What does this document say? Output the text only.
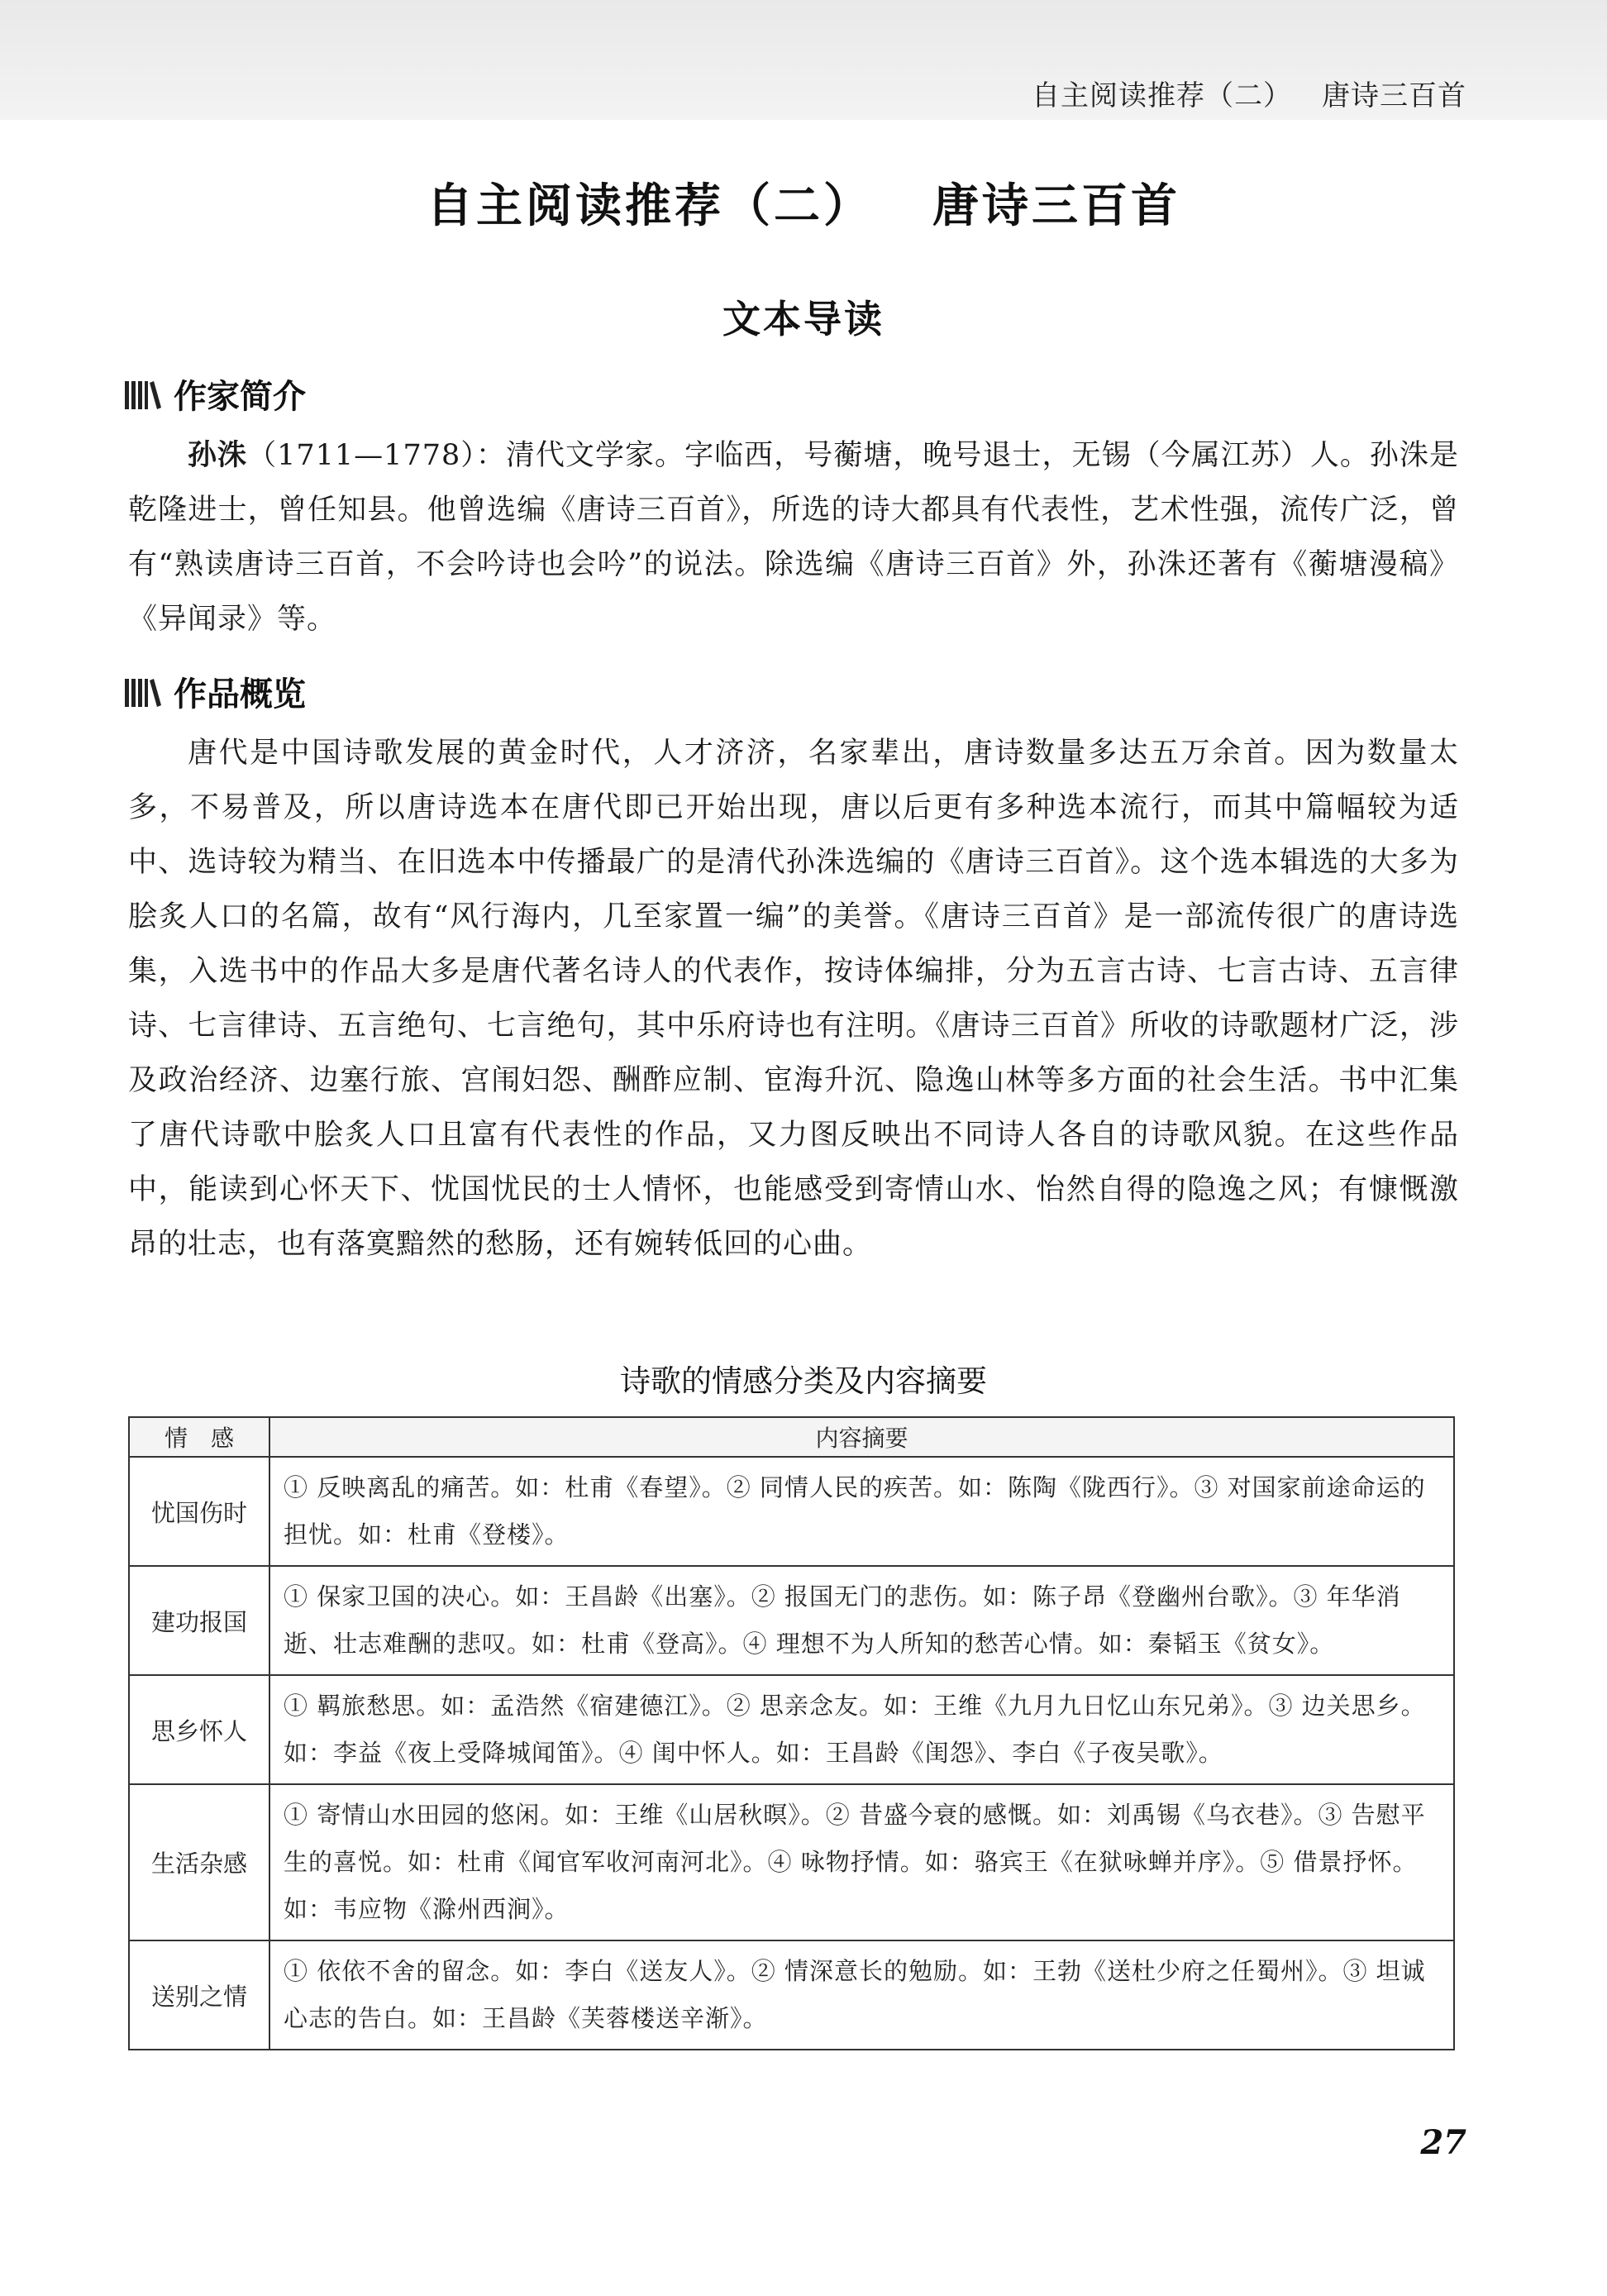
自主阅读推荐（二） 唐诗三百首
自主阅读推荐（二） 唐诗三百首
文本导读
作家简介

孙洙（1711—1778）：清代文学家。字临西，号蘅塘，晚号退士，无锡（今属江苏）人。孙洙是乾隆进士，曾任知县。他曾选编《唐诗三百首》，所选的诗大都具有代表性，艺术性强，流传广泛，曾有“熟读唐诗三百首，不会吟诗也会吟”的说法。除选编《唐诗三百首》外，孙洙还著有《蘅塘漫稿》《异闻录》等。

作品概览

唐代是中国诗歌发展的黄金时代，人才济济，名家辈出，唐诗数量多达五万余首。因为数量太多，不易普及，所以唐诗选本在唐代即已开始出现，唐以后更有多种选本流行，而其中篇幅较为适中、选诗较为精当、在旧选本中传播最广的是清代孙洙选编的《唐诗三百首》。这个选本辑选的大多为脍炙人口的名篇，故有“风行海内，几至家置一编”的美誉。《唐诗三百首》是一部流传很广的唐诗选集，入选书中的作品大多是唐代著名诗人的代表作，按诗体编排，分为五言古诗、七言古诗、五言律诗、七言律诗、五言绝句、七言绝句，其中乐府诗也有注明。《唐诗三百首》所收的诗歌题材广泛，涉及政治经济、边塞行旅、宫闱妇怨、酬酢应制、宦海升沉、隐逸山林等多方面的社会生活。书中汇集了唐代诗歌中脍炙人口且富有代表性的作品，又力图反映出不同诗人各自的诗歌风貌。在这些作品中，能读到心怀天下、忧国忧民的士人情怀，也能感受到寄情山水、怡然自得的隐逸之风；有慷慨激昂的壮志，也有落寞黯然的愁肠，还有婉转低回的心曲。

诗歌的情感分类及内容摘要
情　感	内容摘要
忧国伤时	① 反映离乱的痛苦。如：杜甫《春望》。② 同情人民的疾苦。如：陈陶《陇西行》。③ 对国家前途命运的担忧。如：杜甫《登楼》。
建功报国	① 保家卫国的决心。如：王昌龄《出塞》。② 报国无门的悲伤。如：陈子昂《登幽州台歌》。③ 年华消逝、壮志难酬的悲叹。如：杜甫《登高》。④ 理想不为人所知的愁苦心情。如：秦韬玉《贫女》。
思乡怀人	① 羁旅愁思。如：孟浩然《宿建德江》。② 思亲念友。如：王维《九月九日忆山东兄弟》。③ 边关思乡。如：李益《夜上受降城闻笛》。④ 闺中怀人。如：王昌龄《闺怨》、李白《子夜吴歌》。
生活杂感	① 寄情山水田园的悠闲。如：王维《山居秋暝》。② 昔盛今衰的感慨。如：刘禹锡《乌衣巷》。③ 告慰平生的喜悦。如：杜甫《闻官军收河南河北》。④ 咏物抒情。如：骆宾王《在狱咏蝉并序》。⑤ 借景抒怀。如：韦应物《滁州西涧》。
送别之情	① 依依不舍的留念。如：李白《送友人》。② 情深意长的勉励。如：王勃《送杜少府之任蜀州》。③ 坦诚心志的告白。如：王昌龄《芙蓉楼送辛渐》。
27
